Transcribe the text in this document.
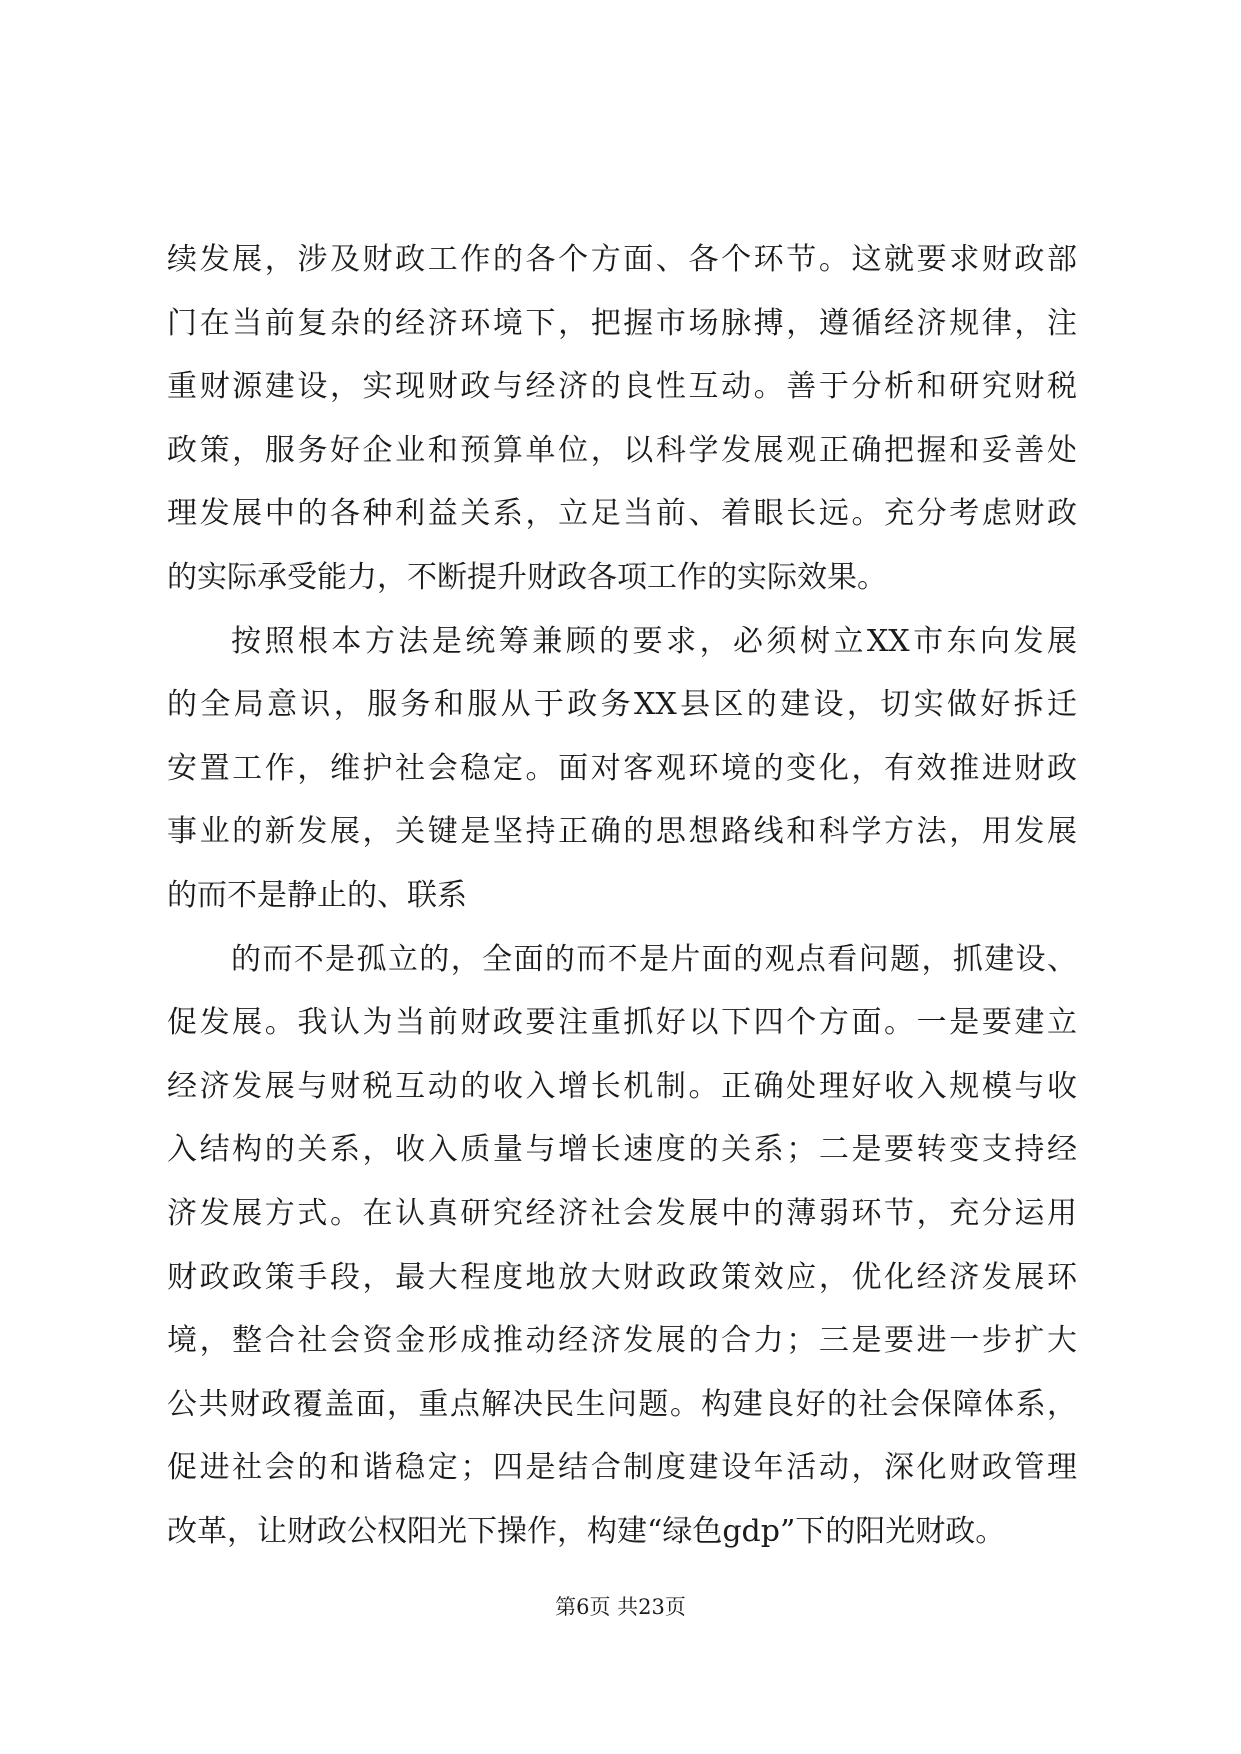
续发展，涉及财政工作的各个方面、各个环节。这就要求财政部
门在当前复杂的经济环境下，把握市场脉搏，遵循经济规律，注
重财源建设，实现财政与经济的良性互动。善于分析和研究财税
政策，服务好企业和预算单位，以科学发展观正确把握和妥善处
理发展中的各种利益关系，立足当前、着眼长远。充分考虑财政
的实际承受能力，不断提升财政各项工作的实际效果。
按照根本方法是统筹兼顾的要求，必须树立XX市东向发展
的全局意识，服务和服从于政务XX县区的建设，切实做好拆迁
安置工作，维护社会稳定。面对客观环境的变化，有效推进财政
事业的新发展，关键是坚持正确的思想路线和科学方法，用发展
的而不是静止的、联系
的而不是孤立的，全面的而不是片面的观点看问题，抓建设、
促发展。我认为当前财政要注重抓好以下四个方面。一是要建立
经济发展与财税互动的收入增长机制。正确处理好收入规模与收
入结构的关系，收入质量与增长速度的关系；二是要转变支持经
济发展方式。在认真研究经济社会发展中的薄弱环节，充分运用
财政政策手段，最大程度地放大财政政策效应，优化经济发展环
境，整合社会资金形成推动经济发展的合力；三是要进一步扩大
公共财政覆盖面，重点解决民生问题。构建良好的社会保障体系，
促进社会的和谐稳定；四是结合制度建设年活动，深化财政管理
改革，让财政公权阳光下操作，构建“绿色gdp”下的阳光财政。
第6页 共23页
